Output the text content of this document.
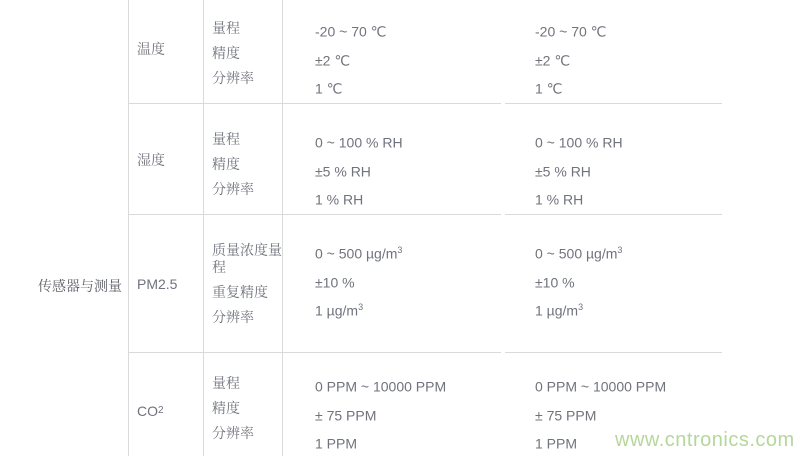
传感器与测量
温度

量程

精度

分辨率

-20 ~ 70 ℃

±2 ℃

1 ℃

-20 ~ 70 ℃

±2 ℃

1 ℃

湿度

量程

精度

分辨率

0 ~ 100 % RH

±5 % RH

1 % RH

0 ~ 100 % RH

±5 % RH

1 % RH

PM2.5

质量浓度量程

重复精度

分辨率

0 ~ 500 $\mu g/m^3$

±10 %

1 $\mu g/m^3$

0 ~ 500 $\mu g/m^3$

±10 %

1 $\mu g/m^3$

CO 2

量程

精度

分辨率

0 PPM ~ 10000 PPM

± 75 PPM

1 PPM

0 PPM ~ 10000 PPM

± 75 PPM

1 PPM	www.cntronics.com
